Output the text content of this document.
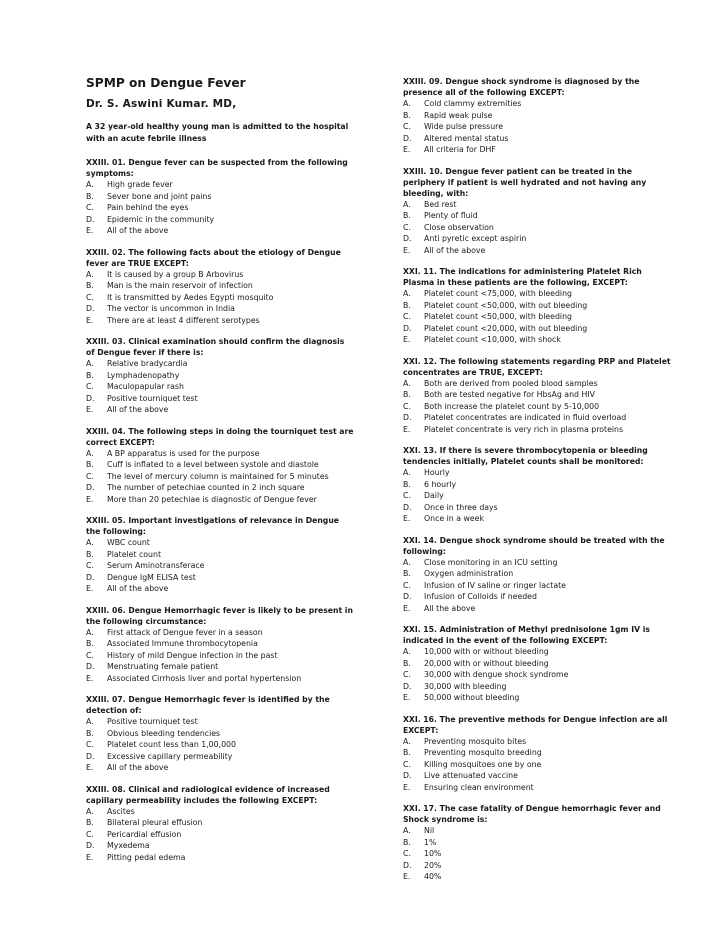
SPMP on Dengue Fever
Dr. S. Aswini Kumar. MD,
A 32 year-old healthy young man is admitted to the hospital with an acute febrile illness
XXIII. 01. Dengue fever can be suspected from the following symptoms:
A.	High grade fever
B.	Sever bone and joint pains
C.	Pain behind the eyes
D.	Epidemic in the community
E.	All of the above
XXIII. 02. The following facts about the etiology of Dengue fever are TRUE EXCEPT:
A.	It is caused by a group B Arbovirus
B.	Man is the main reservoir of infection
C.	It is transmitted by Aedes Egypti mosquito
D.	The vector is uncommon in India
E.	There are at least 4 different serotypes
XXIII. 03. Clinical examination should confirm the diagnosis of Dengue fever if there is:
A.	Relative bradycardia
B.	Lymphadenopathy
C.	Maculopapular rash
D.	Positive tourniquet test
E.	All of the above
XXIII. 04. The following steps in doing the tourniquet test are correct EXCEPT:
A.	A BP apparatus is used for the purpose
B.	Cuff is inflated to a level between systole and diastole
C.	The level of mercury column is maintained for 5 minutes
D.	The number of petechiae counted in 2 inch square
E.	More than 20 petechiae is diagnostic of Dengue fever
XXIII. 05. Important investigations of relevance in Dengue the following:
A.	WBC count
B.	Platelet count
C.	Serum Aminotransferace
D.	Dengue IgM ELISA test
E.	All of the above
XXIII. 06. Dengue Hemorrhagic fever is likely to be present in the following circumstance:
A.	First attack of Dengue fever in a season
B.	Associated Immune thrombocytopenia
C.	History of mild Dengue infection in the past
D.	Menstruating female patient
E.	Associated Cirrhosis liver and portal hypertension
XXIII. 07. Dengue Hemorrhagic fever is identified by the detection of:
A.	Positive tourniquet test
B.	Obvious bleeding tendencies
C.	Platelet count less than 1,00,000
D.	Excessive capillary permeability
E.	All of the above
XXIII. 08. Clinical and radiological evidence of increased capillary permeability includes the following EXCEPT:
A.	Ascites
B.	Bilateral pleural effusion
C.	Pericardial effusion
D.	Myxedema
E.	Pitting pedal edema
XXIII. 09. Dengue shock syndrome is diagnosed by the presence all of the following EXCEPT:
A.	Cold clammy extremities
B.	Rapid weak pulse
C.	Wide pulse pressure
D.	Altered mental status
E.	All criteria for DHF
XXIII. 10. Dengue fever patient can be treated in the periphery if patient is well hydrated and not having any bleeding, with:
A.	Bed rest
B.	Plenty of fluid
C.	Close observation
D.	Anti pyretic except aspirin
E.	All of the above
XXI. 11. The indications for administering Platelet Rich Plasma in these patients are the following, EXCEPT:
A.	Platelet count <75,000, with bleeding
B.	Platelet count <50,000, with out bleeding
C.	Platelet count <50,000, with bleeding
D.	Platelet count <20,000, with out bleeding
E.	Platelet count <10,000, with shock
XXI. 12. The following statements regarding PRP and Platelet concentrates are TRUE, EXCEPT:
A.	Both are derived from pooled blood samples
B.	Both are tested negative for HbsAg and HIV
C.	Both increase the platelet count by 5-10,000
D.	Platelet concentrates are indicated in fluid overload
E.	Platelet concentrate is very rich in plasma proteins
XXI. 13. If there is severe thrombocytopenia or bleeding tendencies initially, Platelet counts shall be monitored:
A.	Hourly
B.	6 hourly
C.	Daily
D.	Once in three days
E.	Once in a week
XXI. 14. Dengue shock syndrome should be treated with the following:
A.	Close monitoring in an ICU setting
B.	Oxygen administration
C.	Infusion of IV saline or ringer lactate
D.	Infusion of Colloids if needed
E.	All the above
XXI. 15. Administration of Methyl prednisolone 1gm IV is indicated in the event of the following EXCEPT:
A.	10,000 with or without bleeding
B.	20,000 with or without bleeding
C.	30,000 with dengue shock syndrome
D.	30,000 with bleeding
E.	50,000 without bleeding
XXI. 16. The preventive methods for Dengue infection are all EXCEPT:
A.	Preventing mosquito bites
B.	Preventing mosquito breeding
C.	Killing mosquitoes one by one
D.	Live attenuated vaccine
E.	Ensuring clean environment
XXI. 17. The case fatality of Dengue hemorrhagic fever and Shock syndrome is:
A.	Nil
B.	1%
C.	10%
D.	20%
E.	40%
